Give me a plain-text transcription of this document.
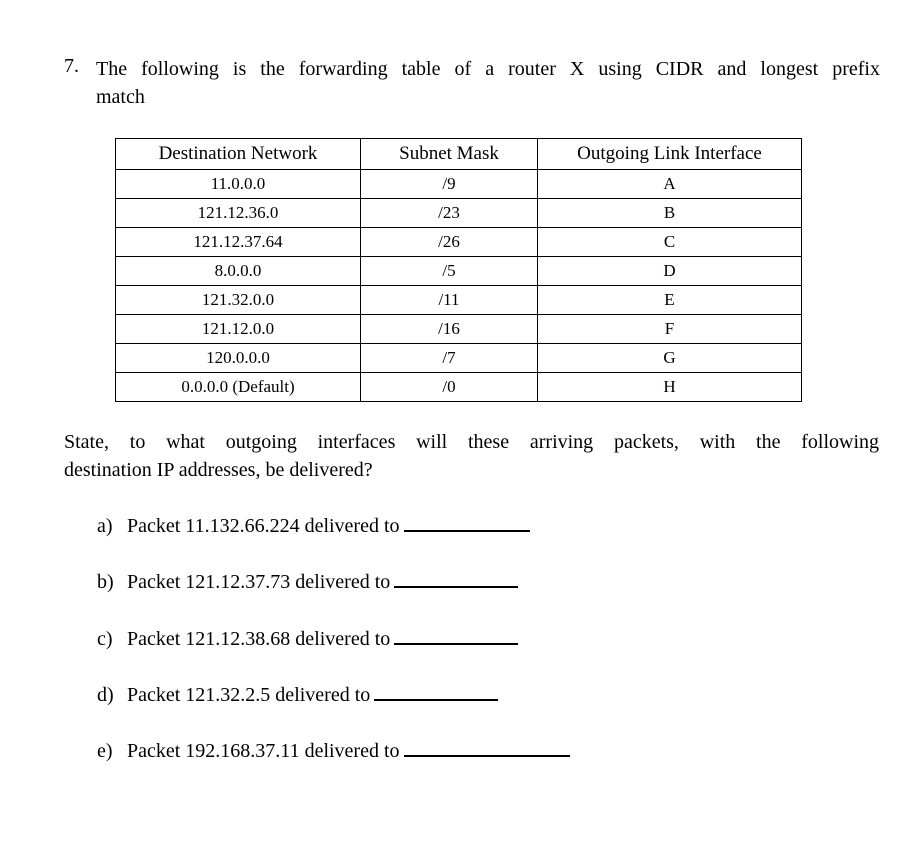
7. The following is the forwarding table of a router X using CIDR and longest prefix
match
Destination Network	Subnet Mask	Outgoing Link Interface
11.0.0.0	/9	A
121.12.36.0	/23	B
121.12.37.64	/26	C
8.0.0.0	/5	D
121.32.0.0	/11	E
121.12.0.0	/16	F
120.0.0.0	/7	G
0.0.0.0 (Default)	/0	H
State, to what outgoing interfaces will these arriving packets, with the following
destination IP addresses, be delivered?
a) Packet 11.132.66.224 delivered to
b) Packet 121.12.37.73 delivered to
c) Packet 121.12.38.68 delivered to
d) Packet 121.32.2.5 delivered to
e) Packet 192.168.37.11 delivered to
